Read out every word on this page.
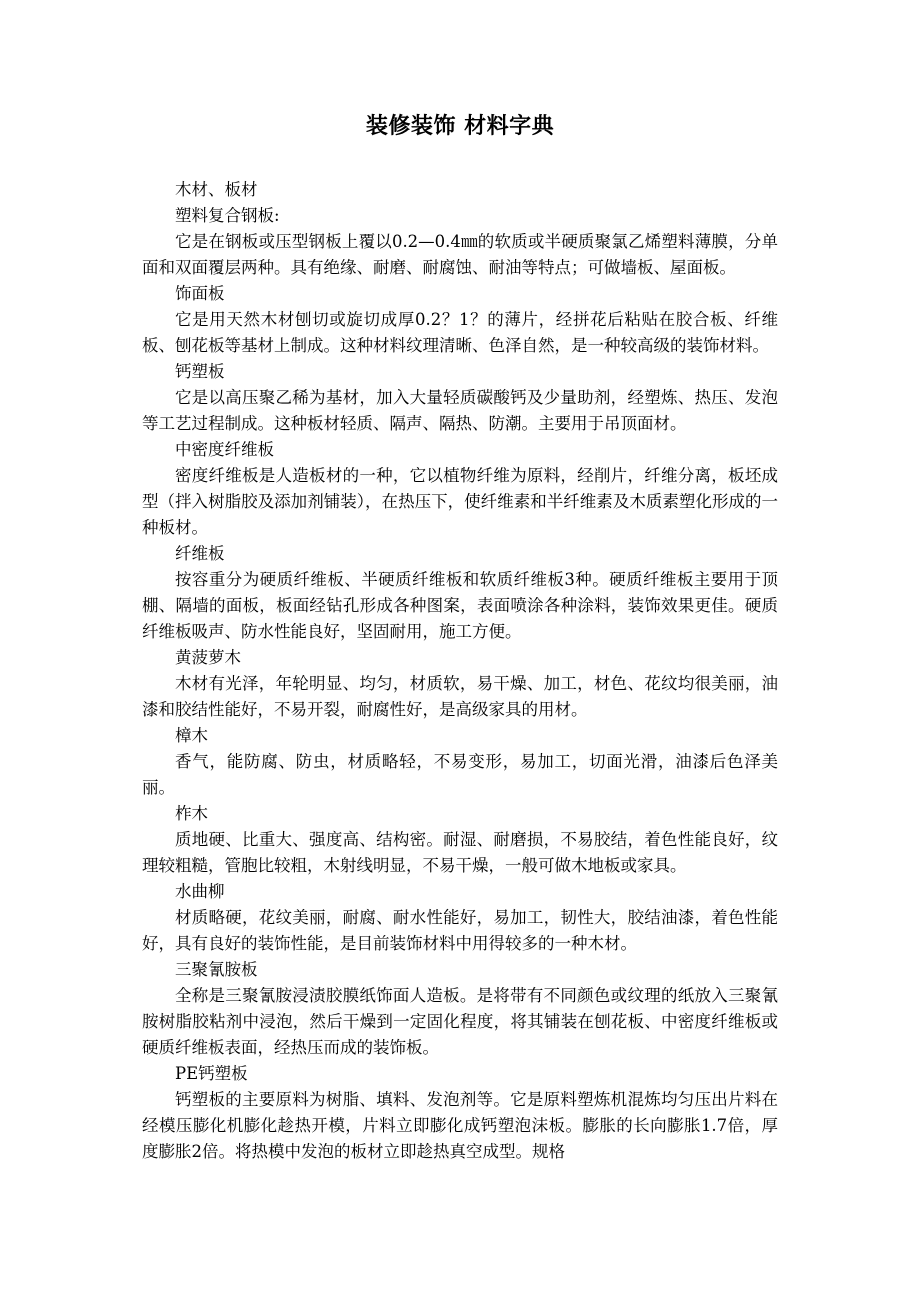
装修装饰 材料字典

木材、板材

塑料复合钢板:

它是在钢板或压型钢板上覆以0.2—0.4㎜的软质或半硬质聚氯乙烯塑料薄膜，分单面和双面覆层两种。具有绝缘、耐磨、耐腐蚀、耐油等特点；可做墙板、屋面板。

饰面板

它是用天然木材刨切或旋切成厚0.2？1？的薄片，经拼花后粘贴在胶合板、纤维板、刨花板等基材上制成。这种材料纹理清晰、色泽自然，是一种较高级的装饰材料。

钙塑板

它是以高压聚乙稀为基材，加入大量轻质碳酸钙及少量助剂，经塑炼、热压、发泡等工艺过程制成。这种板材轻质、隔声、隔热、防潮。主要用于吊顶面材。

中密度纤维板

密度纤维板是人造板材的一种，它以植物纤维为原料，经削片，纤维分离，板坯成型（拌入树脂胶及添加剂铺装），在热压下，使纤维素和半纤维素及木质素塑化形成的一种板材。

纤维板

按容重分为硬质纤维板、半硬质纤维板和软质纤维板3种。硬质纤维板主要用于顶棚、隔墙的面板，板面经钻孔形成各种图案，表面喷涂各种涂料，装饰效果更佳。硬质纤维板吸声、防水性能良好，坚固耐用，施工方便。

黄菠萝木

木材有光泽，年轮明显、均匀，材质软，易干燥、加工，材色、花纹均很美丽，油漆和胶结性能好，不易开裂，耐腐性好，是高级家具的用材。

樟木

香气，能防腐、防虫，材质略轻，不易变形，易加工，切面光滑，油漆后色泽美丽。

柞木

质地硬、比重大、强度高、结构密。耐湿、耐磨损，不易胶结，着色性能良好，纹理较粗糙，管胞比较粗，木射线明显，不易干燥，一般可做木地板或家具。

水曲柳

材质略硬，花纹美丽，耐腐、耐水性能好，易加工，韧性大，胶结油漆，着色性能好，具有良好的装饰性能，是目前装饰材料中用得较多的一种木材。

三聚氰胺板

全称是三聚氰胺浸渍胶膜纸饰面人造板。是将带有不同颜色或纹理的纸放入三聚氰胺树脂胶粘剂中浸泡，然后干燥到一定固化程度，将其铺装在刨花板、中密度纤维板或硬质纤维板表面，经热压而成的装饰板。

PE钙塑板

钙塑板的主要原料为树脂、填料、发泡剂等。它是原料塑炼机混炼均匀压出片料在经模压膨化机膨化趁热开模，片料立即膨化成钙塑泡沫板。膨胀的长向膨胀1.7倍，厚度膨胀2倍。将热模中发泡的板材立即趁热真空成型。规格
